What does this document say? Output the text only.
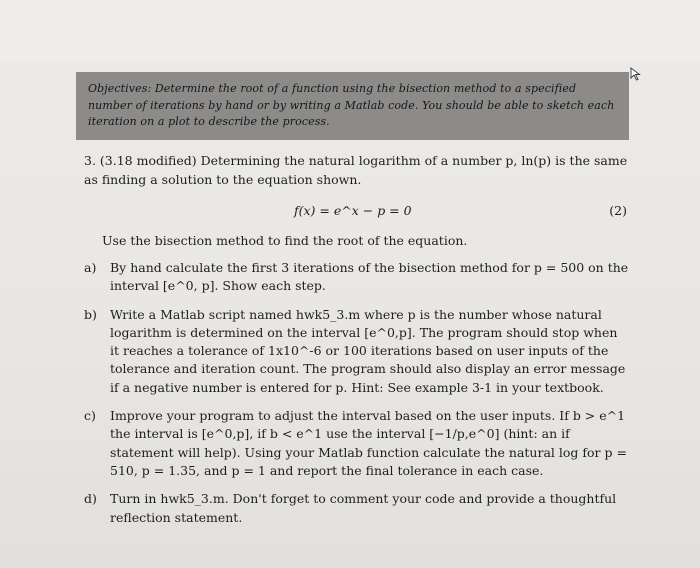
Objectives: Determine the root of a function using the bisection method to a specified number of iterations by hand or by writing a Matlab code. You should be able to sketch each iteration on a plot to describe the process.

3. (3.18 modified) Determining the natural logarithm of a number p, ln(p) is the same as finding a solution to the equation shown.

f(x) = e^x − p = 0	(2)
Use the bisection method to find the root of the equation.
a) By hand calculate the first 3 iterations of the bisection method for p = 500 on the interval [e^0, p]. Show each step.
b) Write a Matlab script named hwk5_3.m where p is the number whose natural logarithm is determined on the interval [e^0,p]. The program should stop when it reaches a tolerance of 1x10^-6 or 100 iterations based on user inputs of the tolerance and iteration count. The program should also display an error message if a negative number is entered for p. Hint: See example 3-1 in your textbook.
c) Improve your program to adjust the interval based on the user inputs. If b > e^1 the interval is [e^0,p], if b < e^1 use the interval [−1/p,e^0] (hint: an if statement will help). Using your Matlab function calculate the natural log for p = 510, p = 1.35, and p = 1 and report the final tolerance in each case.
d) Turn in hwk5_3.m. Don't forget to comment your code and provide a thoughtful reflection statement.
